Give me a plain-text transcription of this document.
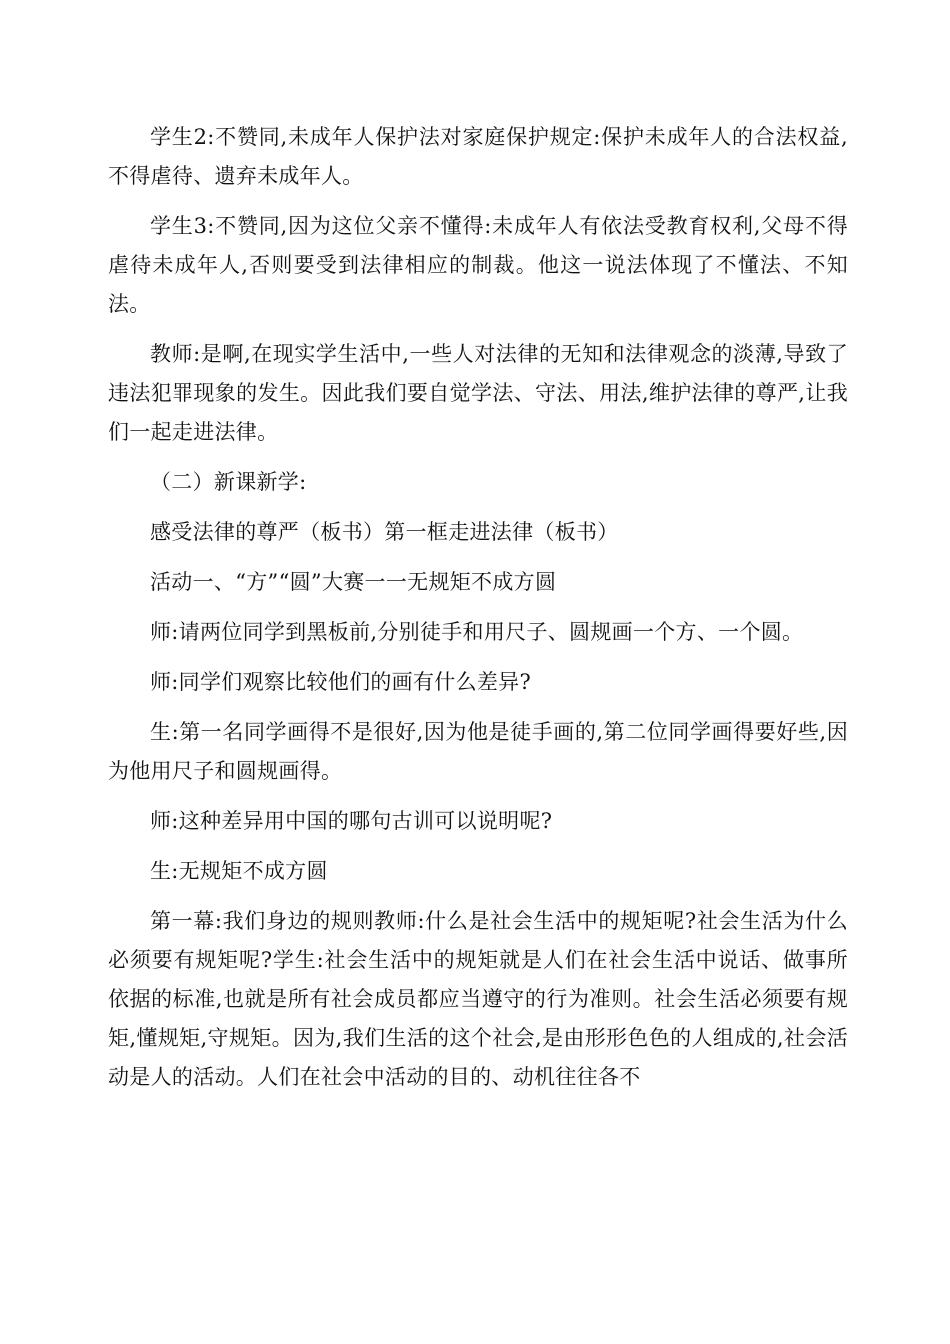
学生2:不赞同,未成年人保护法对家庭保护规定:保护未成年人的合法权益,不得虐待、遗弃未成年人。

学生3:不赞同,因为这位父亲不懂得:未成年人有依法受教育权利,父母不得虐待未成年人,否则要受到法律相应的制裁。他这一说法体现了不懂法、不知法。

教师:是啊,在现实学生活中,一些人对法律的无知和法律观念的淡薄,导致了违法犯罪现象的发生。因此我们要自觉学法、守法、用法,维护法律的尊严,让我们一起走进法律。

（二）新课新学:

感受法律的尊严（板书）第一框走进法律（板书）

活动一、“方”“圆”大赛一一无规矩不成方圆

师:请两位同学到黑板前,分别徒手和用尺子、圆规画一个方、一个圆。

师:同学们观察比较他们的画有什么差异?

生:第一名同学画得不是很好,因为他是徒手画的,第二位同学画得要好些,因为他用尺子和圆规画得。

师:这种差异用中国的哪句古训可以说明呢?

生:无规矩不成方圆

第一幕:我们身边的规则教师:什么是社会生活中的规矩呢?社会生活为什么必须要有规矩呢?学生:社会生活中的规矩就是人们在社会生活中说话、做事所依据的标准,也就是所有社会成员都应当遵守的行为准则。社会生活必须要有规矩,懂规矩,守规矩。因为,我们生活的这个社会,是由形形色色的人组成的,社会活动是人的活动。人们在社会中活动的目的、动机往往各不
